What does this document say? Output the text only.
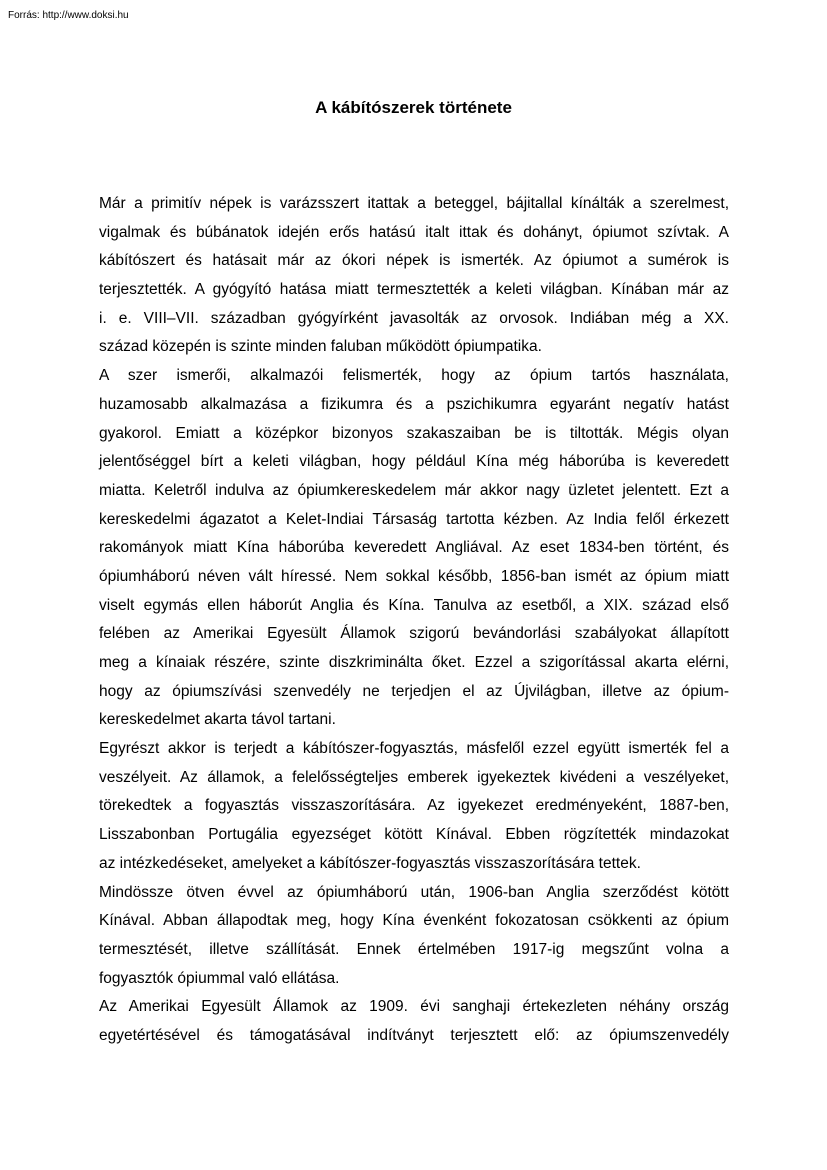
Forrás: http://www.doksi.hu
A kábítószerek története
Már a primitív népek is varázsszert itattak a beteggel, bájitallal kínálták a szerelmest,
vigalmak és búbánatok idején erős hatású italt ittak és dohányt, ópiumot szívtak. A
kábítószert és hatásait már az ókori népek is ismerték. Az ópiumot a sumérok is
terjesztették. A gyógyító hatása miatt termesztették a keleti világban. Kínában már az
i. e. VIII–VII. században gyógyírként javasolták az orvosok. Indiában még a XX.
század közepén is szinte minden faluban működött ópiumpatika.
A szer ismerői, alkalmazói felismerték, hogy az ópium tartós használata,
huzamosabb alkalmazása a fizikumra és a pszichikumra egyaránt negatív hatást
gyakorol. Emiatt a középkor bizonyos szakaszaiban be is tiltották. Mégis olyan
jelentőséggel bírt a keleti világban, hogy például Kína még háborúba is keveredett
miatta. Keletről indulva az ópiumkereskedelem már akkor nagy üzletet jelentett. Ezt a
kereskedelmi ágazatot a Kelet-Indiai Társaság tartotta kézben. Az India felől érkezett
rakományok miatt Kína háborúba keveredett Angliával. Az eset 1834-ben történt, és
ópiumháború néven vált híressé. Nem sokkal később, 1856-ban ismét az ópium miatt
viselt egymás ellen háborút Anglia és Kína. Tanulva az esetből, a XIX. század első
felében az Amerikai Egyesült Államok szigorú bevándorlási szabályokat állapított
meg a kínaiak részére, szinte diszkriminálta őket. Ezzel a szigorítással akarta elérni,
hogy az ópiumszívási szenvedély ne terjedjen el az Újvilágban, illetve az ópium-
kereskedelmet akarta távol tartani.
Egyrészt akkor is terjedt a kábítószer-fogyasztás, másfelől ezzel együtt ismerték fel a
veszélyeit. Az államok, a felelősségteljes emberek igyekeztek kivédeni a veszélyeket,
törekedtek a fogyasztás visszaszorítására. Az igyekezet eredményeként, 1887-ben,
Lisszabonban Portugália egyezséget kötött Kínával. Ebben rögzítették mindazokat
az intézkedéseket, amelyeket a kábítószer-fogyasztás visszaszorítására tettek.
Mindössze ötven évvel az ópiumháború után, 1906-ban Anglia szerződést kötött
Kínával. Abban állapodtak meg, hogy Kína évenként fokozatosan csökkenti az ópium
termesztését, illetve szállítását. Ennek értelmében 1917-ig megszűnt volna a
fogyasztók ópiummal való ellátása.
Az Amerikai Egyesült Államok az 1909. évi sanghaji értekezleten néhány ország
egyetértésével és támogatásával indítványt terjesztett elő: az ópiumszenvedély
